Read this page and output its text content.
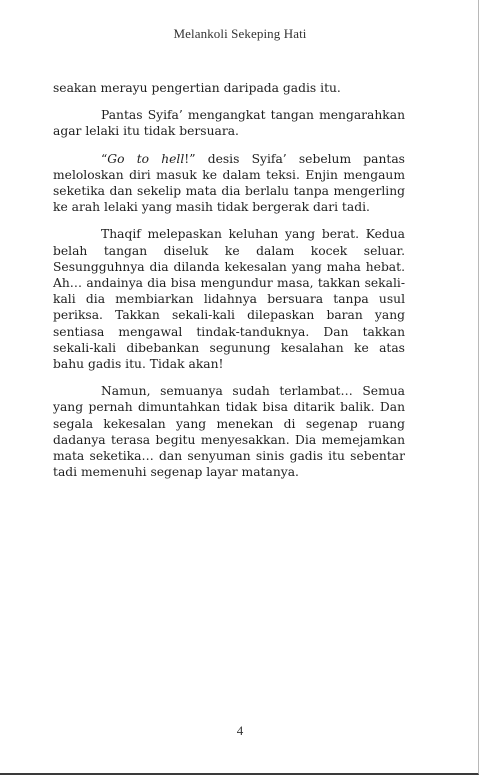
Melankoli Sekeping Hati

seakan merayu pengertian daripada gadis itu.

Pantas Syifa’ mengangkat tangan mengarahkan agar lelaki itu tidak bersuara.

“Go to hell!” desis Syifa’ sebelum pantas meloloskan diri masuk ke dalam teksi. Enjin mengaum seketika dan sekelip mata dia berlalu tanpa mengerling ke arah lelaki yang masih tidak bergerak dari tadi.

Thaqif melepaskan keluhan yang berat. Kedua belah tangan diseluk ke dalam kocek seluar. Sesungguhnya dia dilanda kekesalan yang maha hebat. Ah… andainya dia bisa mengundur masa, takkan sekali-kali dia membiarkan lidahnya bersuara tanpa usul periksa. Takkan sekali-kali dilepaskan baran yang sentiasa mengawal tindak-tanduknya. Dan takkan sekali-kali dibebankan segunung kesalahan ke atas bahu gadis itu. Tidak akan!

Namun, semuanya sudah terlambat… Semua yang pernah dimuntahkan tidak bisa ditarik balik. Dan segala kekesalan yang menekan di segenap ruang dadanya terasa begitu menyesakkan. Dia memejamkan mata seketika… dan senyuman sinis gadis itu sebentar tadi memenuhi segenap layar matanya.

4
